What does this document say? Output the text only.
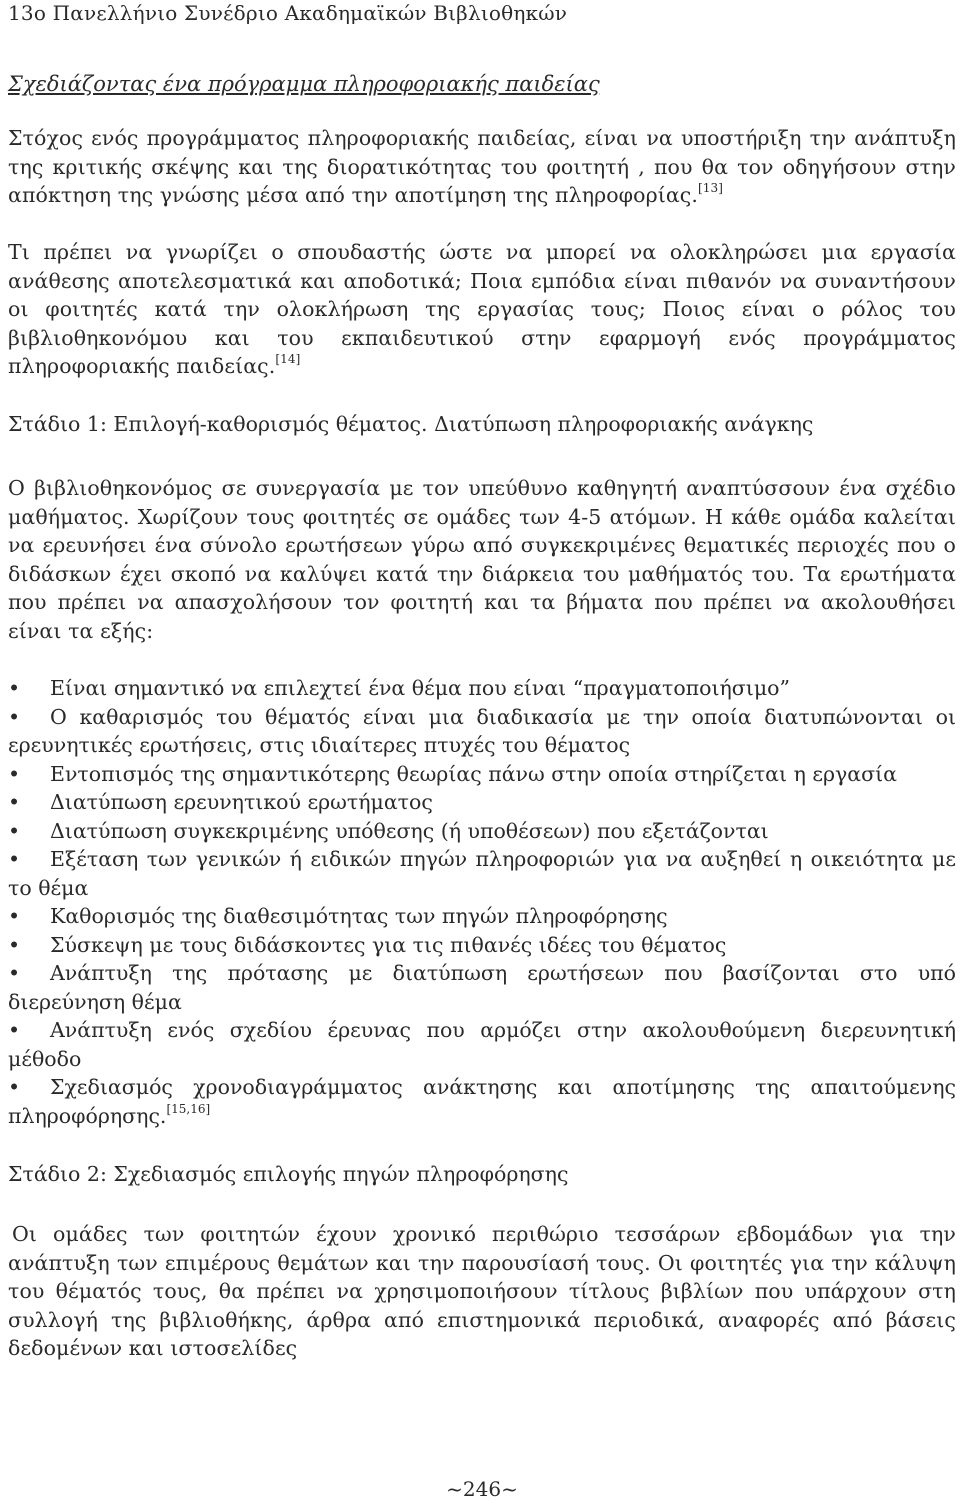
13ο Πανελλήνιο Συνέδριο Ακαδημαϊκών Βιβλιοθηκών
Σχεδιάζοντας ένα πρόγραμμα πληροφοριακής παιδείας
Στόχος ενός προγράμματος πληροφοριακής παιδείας, είναι να υποστήριξη την ανάπτυξη της κριτικής σκέψης και της διορατικότητας του φοιτητή , που θα τον οδηγήσουν στην απόκτηση της γνώσης μέσα από την αποτίμηση της πληροφορίας.[13]
Τι πρέπει να γνωρίζει ο σπουδαστής ώστε να μπορεί να ολοκληρώσει μια εργασία ανάθεσης αποτελεσματικά και αποδοτικά; Ποια εμπόδια είναι πιθανόν να συναντήσουν οι φοιτητές κατά την ολοκλήρωση της εργασίας τους; Ποιος είναι ο ρόλος του βιβλιοθηκονόμου και του εκπαιδευτικού στην εφαρμογή ενός προγράμματος πληροφοριακής παιδείας.[14]
Στάδιο 1: Επιλογή-καθορισμός θέματος. Διατύπωση πληροφοριακής ανάγκης
Ο βιβλιοθηκονόμος σε συνεργασία με τον υπεύθυνο καθηγητή αναπτύσσουν ένα σχέδιο μαθήματος. Χωρίζουν τους φοιτητές σε ομάδες των 4-5 ατόμων. Η κάθε ομάδα καλείται να ερευνήσει ένα σύνολο ερωτήσεων γύρω από συγκεκριμένες θεματικές περιοχές που ο διδάσκων έχει σκοπό να καλύψει κατά την διάρκεια του μαθήματός του. Τα ερωτήματα που πρέπει να απασχολήσουν τον φοιτητή και τα βήματα που πρέπει να ακολουθήσει είναι τα εξής:
• Είναι σημαντικό να επιλεχτεί ένα θέμα που είναι “πραγματοποιήσιμο”
• Ο καθαρισμός του θέματός είναι μια διαδικασία με την οποία διατυπώνονται οι ερευνητικές ερωτήσεις, στις ιδιαίτερες πτυχές του θέματος
• Εντοπισμός της σημαντικότερης θεωρίας πάνω στην οποία στηρίζεται η εργασία
• Διατύπωση ερευνητικού ερωτήματος
• Διατύπωση συγκεκριμένης υπόθεσης (ή υποθέσεων) που εξετάζονται
• Εξέταση των γενικών ή ειδικών πηγών πληροφοριών για να αυξηθεί η οικειότητα με το θέμα
• Καθορισμός της διαθεσιμότητας των πηγών πληροφόρησης
• Σύσκεψη με τους διδάσκοντες για τις πιθανές ιδέες του θέματος
• Ανάπτυξη της πρότασης με διατύπωση ερωτήσεων που βασίζονται στο υπό διερεύνηση θέμα
• Ανάπτυξη ενός σχεδίου έρευνας που αρμόζει στην ακολουθούμενη διερευνητική μέθοδο
• Σχεδιασμός χρονοδιαγράμματος ανάκτησης και αποτίμησης της απαιτούμενης πληροφόρησης.[15,16]
Στάδιο 2: Σχεδιασμός επιλογής πηγών πληροφόρησης
Οι ομάδες των φοιτητών έχουν χρονικό περιθώριο τεσσάρων εβδομάδων για την ανάπτυξη των επιμέρους θεμάτων και την παρουσίασή τους. Οι φοιτητές για την κάλυψη του θέματός τους, θα πρέπει να χρησιμοποιήσουν τίτλους βιβλίων που υπάρχουν στη συλλογή της βιβλιοθήκης, άρθρα από επιστημονικά περιοδικά, αναφορές από βάσεις δεδομένων και ιστοσελίδες
~246~
